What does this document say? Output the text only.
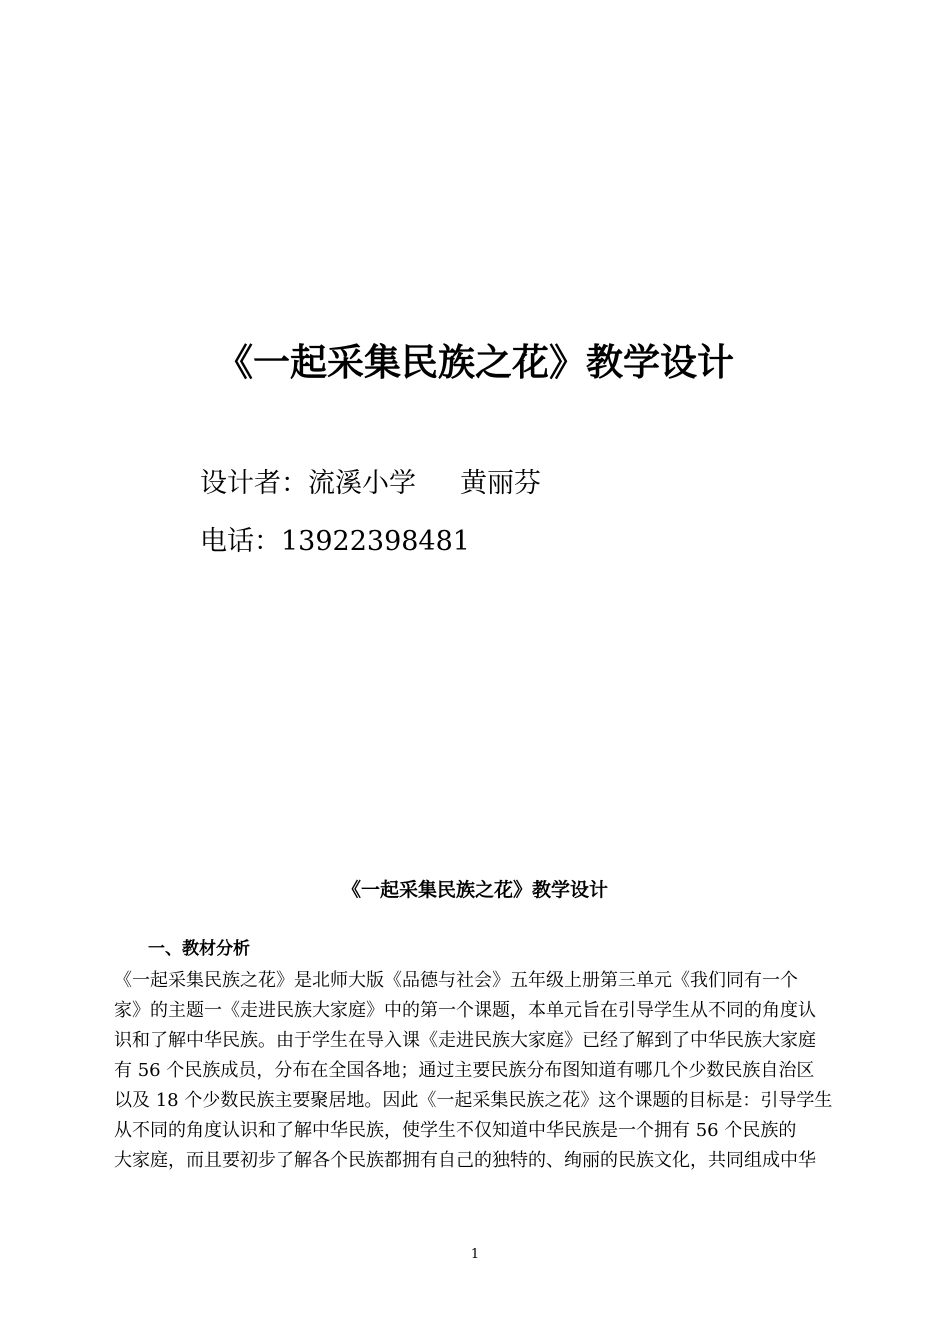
《一起采集民族之花》教学设计
设计者：流溪小学 黄丽芬
电话：13922398481
《一起采集民族之花》教学设计
一、教材分析
《一起采集民族之花》是北师大版《品德与社会》五年级上册第三单元《我们同有一个
家》的主题一《走进民族大家庭》中的第一个课题，本单元旨在引导学生从不同的角度认
识和了解中华民族。由于学生在导入课《走进民族大家庭》已经了解到了中华民族大家庭
有 56 个民族成员，分布在全国各地；通过主要民族分布图知道有哪几个少数民族自治区
以及 18 个少数民族主要聚居地。因此《一起采集民族之花》这个课题的目标是：引导学生
从不同的角度认识和了解中华民族，使学生不仅知道中华民族是一个拥有 56 个民族的
大家庭，而且要初步了解各个民族都拥有自己的独特的、绚丽的民族文化，共同组成中华
1
